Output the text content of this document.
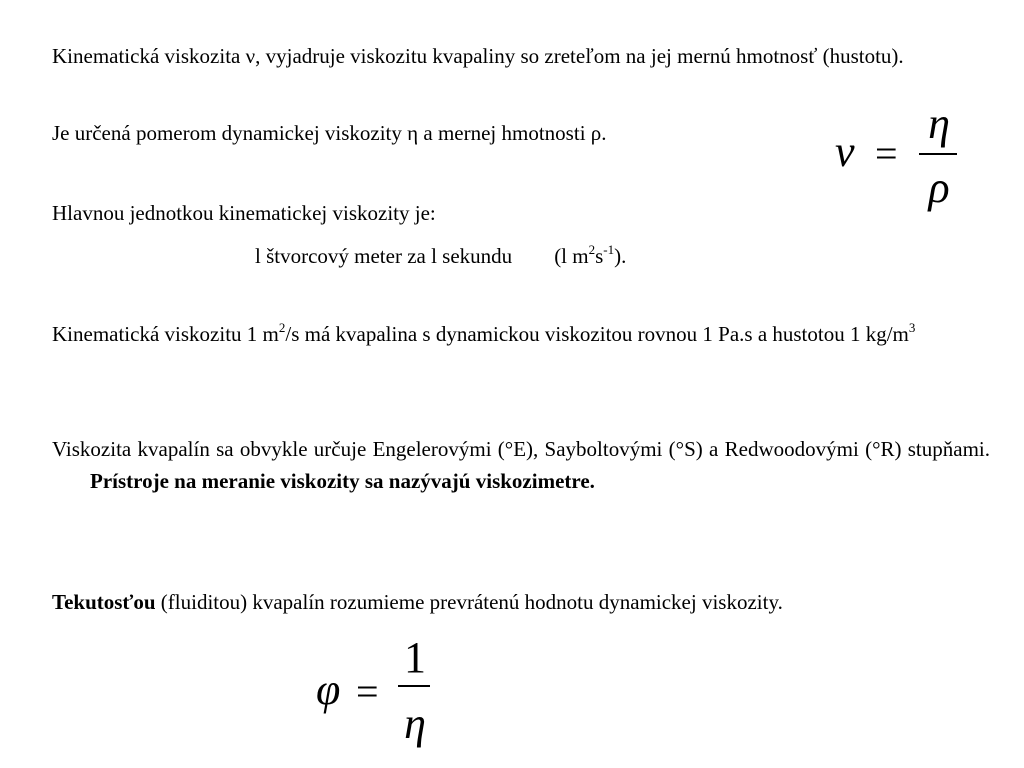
Kinematická viskozita ν, vyjadruje viskozitu kvapaliny so zreteľom na jej mernú hmotnosť (hustotu).

Je určená pomerom dynamickej viskozity η a mernej hmotnosti ρ.	ν =
η
ρ

Hlavnou jednotkou kinematickej viskozity je:

l štvorcový meter za l sekundu (l $m^2s^{-1}$).

Kinematická viskozitu 1 $m^2/s$ má kvapalina s dynamickou viskozitou rovnou 1 Pa.s a hustotou 1 $kg/m^3$

Viskozita kvapalín sa obvykle určuje Engelerovými (°E), Sayboltovými (°S) a Redwoodovými (°R) stupňami. Prístroje na meranie viskozity sa nazývajú viskozimetre.

Tekutosťou (fluiditou) kvapalín rozumieme prevrátenú hodnotu dynamickej viskozity.

φ =
1
η
